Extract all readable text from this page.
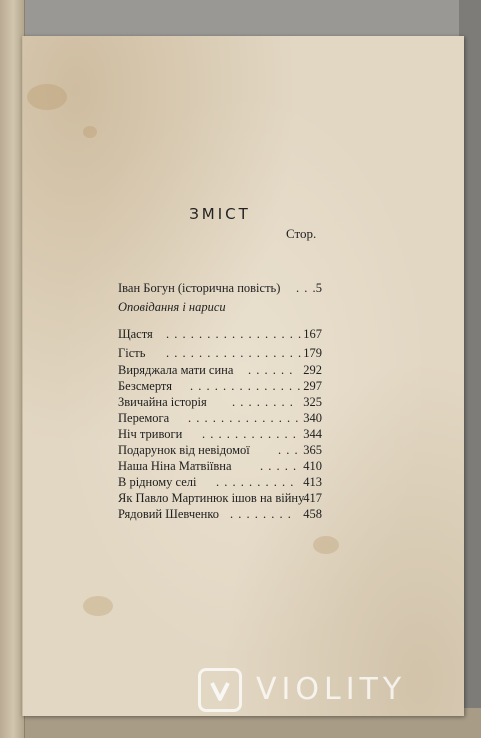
ЗМІСТ
Стор.
Іван Богун (історична повість) . . . 5
Оповідання і нариси
Щастя . . . . . . . . . . . . . . . . . 167
Гість . . . . . . . . . . . . . . . . . 179
Виряджала мати сина . . . . . . 292
Безсмертя . . . . . . . . . . . . . . 297
Звичайна історія . . . . . . . . 325
Перемога . . . . . . . . . . . . . . 340
Ніч тривоги . . . . . . . . . . . . 344
Подарунок від невідомої . . . 365
Наша Ніна Матвіївна . . . . . 410
В рідному селі . . . . . . . . . . 413
Як Павло Мартинюк ішов на війну
417
Рядовий Шевченко . . . . . . . . 458
VIOLITY
